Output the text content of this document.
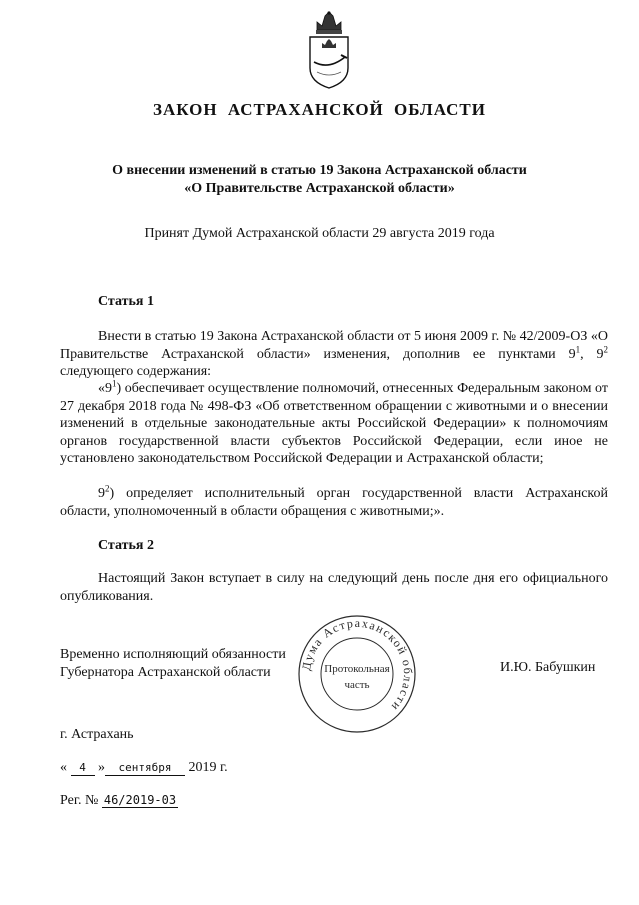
ЗАКОН АСТРАХАНСКОЙ ОБЛАСТИ
О внесении изменений в статью 19 Закона Астраханской области
«О Правительстве Астраханской области»
Принят Думой Астраханской области 29 августа 2019 года
Статья 1

Внести в статью 19 Закона Астраханской области от 5 июня 2009 г. № 42/2009-ОЗ «О Правительстве Астраханской области» изменения, дополнив ее пунктами $9^1$, $9^2$ следующего содержания:

«$9^1$) обеспечивает осуществление полномочий, отнесенных Федеральным законом от 27 декабря 2018 года № 498-ФЗ «Об ответственном обращении с животными и о внесении изменений в отдельные законодательные акты Российской Федерации» к полномочиям органов государственной власти субъектов Российской Федерации, если иное не установлено законодательством Российской Федерации и Астраханской области;

$9^2$) определяет исполнительный орган государственной власти Астраханской области, уполномоченный в области обращения с животными;».

Статья 2

Настоящий Закон вступает в силу на следующий день после дня его официального опубликования.

Временно исполняющий обязанности
Губернатора Астраханской области	И.Ю. Бабушкин
Дума Астраханской области
Протокольная
часть
г. Астрахань
« 4 » сентября 2019 г.
Рег. № 46/2019-03
